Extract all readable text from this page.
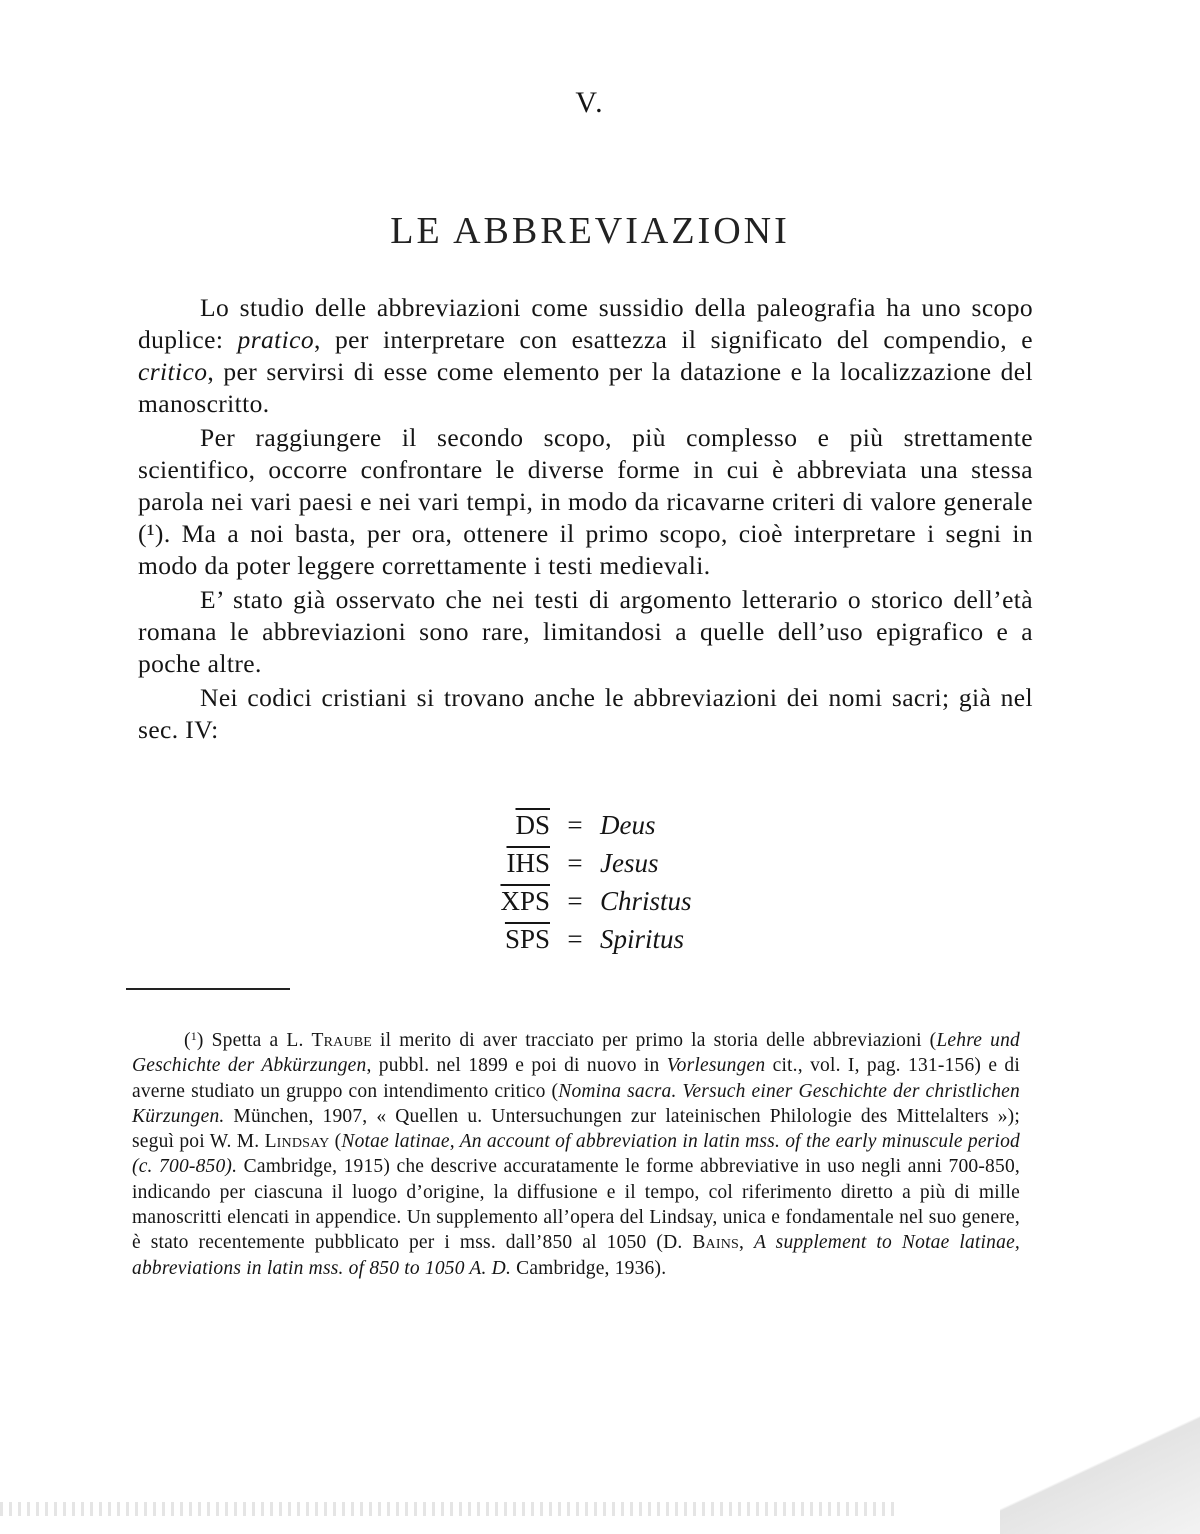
V.
LE ABBREVIAZIONI

Lo studio delle abbreviazioni come sussidio della paleografia ha uno scopo duplice: pratico, per interpretare con esattezza il significato del compendio, e critico, per servirsi di esse come elemento per la datazione e la localizzazione del manoscritto.

Per raggiungere il secondo scopo, più complesso e più strettamente scientifico, occorre confrontare le diverse forme in cui è abbreviata una stessa parola nei vari paesi e nei vari tempi, in modo da ricavarne criteri di valore generale (¹). Ma a noi basta, per ora, ottenere il primo scopo, cioè interpretare i segni in modo da poter leggere correttamente i testi medievali.

E’ stato già osservato che nei testi di argomento letterario o storico dell’età romana le abbreviazioni sono rare, limitandosi a quelle dell’uso epigrafico e a poche altre.

Nei codici cristiani si trovano anche le abbreviazioni dei nomi sacri; già nel sec. IV:

$\overline{DS}$ = Deus
$\overline{IHS}$ = Jesus
$\overline{XPS}$ = Christus
$\overline{SPS}$ = Spiritus

($^1$) Spetta a L. Traube il merito di aver tracciato per primo la storia delle abbreviazioni (Lehre und Geschichte der Abkürzungen, pubbl. nel 1899 e poi di nuovo in Vorlesungen cit., vol. I, pag. 131-156) e di averne studiato un gruppo con intendimento critico (Nomina sacra. Versuch einer Geschichte der christlichen Kürzungen. München, 1907, « Quellen u. Untersuchungen zur lateinischen Philologie des Mittelalters »); seguì poi W. M. Lindsay (Notae latinae, An account of abbreviation in latin mss. of the early minuscule period (c. 700-850). Cambridge, 1915) che descrive accuratamente le forme abbreviative in uso negli anni 700-850, indicando per ciascuna il luogo d’origine, la diffusione e il tempo, col riferimento diretto a più di mille manoscritti elencati in appendice. Un supplemento all’opera del Lindsay, unica e fondamentale nel suo genere, è stato recentemente pubblicato per i mss. dall’850 al 1050 (D. Bains, A supplement to Notae latinae, abbreviations in latin mss. of 850 to 1050 A. D. Cambridge, 1936).
